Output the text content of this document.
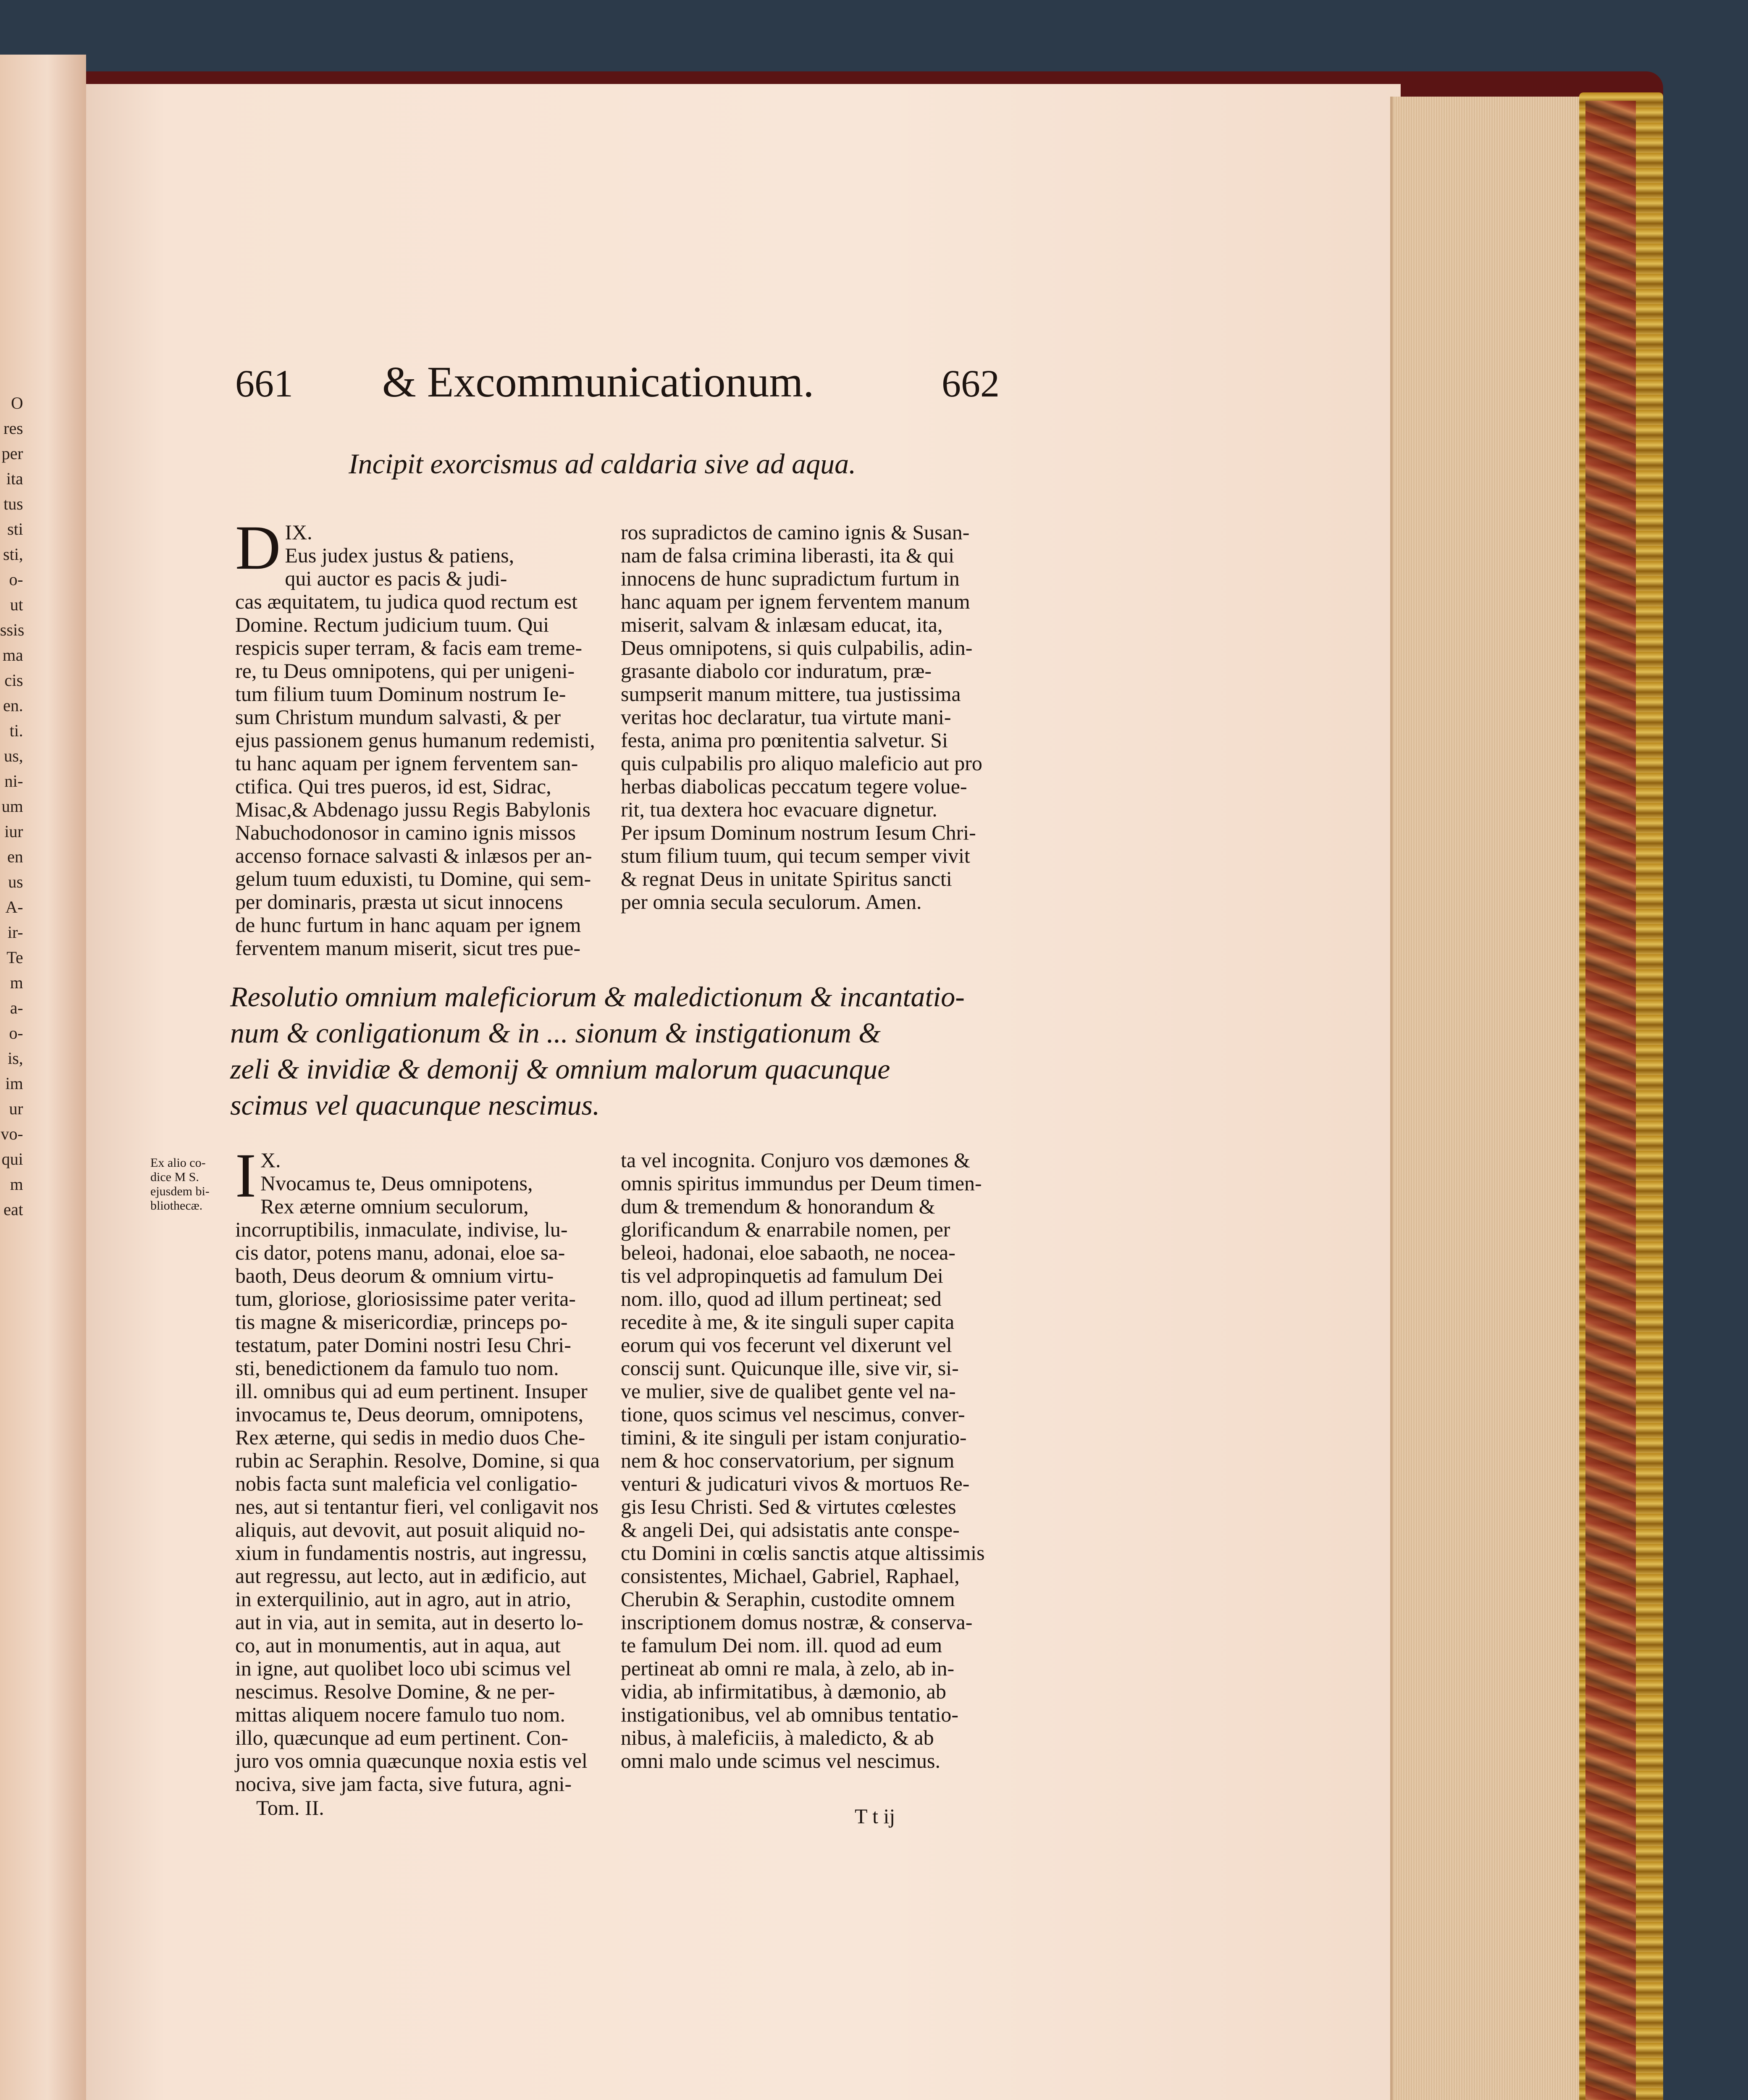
O
res
per
ita
tus
sti
sti,
o-
ut
ssis
ma
cis
en.
ti.
us,
ni-
um
iur
en
us
A-
ir-
Te
m
a-
o-
is,
im
ur
vo-
qui
m
eat
661 & Excommunicationum.	662
Incipit exorcismus ad caldaria sive ad aqua.
IX.
D Eus judex justus & patiens,
qui auctor es pacis & judi-
cas æquitatem, tu judica quod rectum est
Domine. Rectum judicium tuum. Qui
respicis super terram, & facis eam treme-
re, tu Deus omnipotens, qui per unigeni-
tum filium tuum Dominum nostrum Ie-
sum Christum mundum salvasti, & per
ejus passionem genus humanum redemisti,
tu hanc aquam per ignem ferventem san-
ctifica. Qui tres pueros, id est, Sidrac,
Misac,& Abdenago jussu Regis Babylonis
Nabuchodonosor in camino ignis missos
accenso fornace salvasti & inlæsos per an-
gelum tuum eduxisti, tu Domine, qui sem-
per dominaris, præsta ut sicut innocens
de hunc furtum in hanc aquam per ignem
ferventem manum miserit, sicut tres pue-
ros supradictos de camino ignis & Susan-
nam de falsa crimina liberasti, ita & qui
innocens de hunc supradictum furtum in
hanc aquam per ignem ferventem manum
miserit, salvam & inlæsam educat, ita,
Deus omnipotens, si quis culpabilis, adin-
grasante diabolo cor induratum, præ-
sumpserit manum mittere, tua justissima
veritas hoc declaratur, tua virtute mani-
festa, anima pro pœnitentia salvetur. Si
quis culpabilis pro aliquo maleficio aut pro
herbas diabolicas peccatum tegere volue-
rit, tua dextera hoc evacuare dignetur.
Per ipsum Dominum nostrum Iesum Chri-
stum filium tuum, qui tecum semper vivit
& regnat Deus in unitate Spiritus sancti
per omnia secula seculorum. Amen.
Resolutio omnium maleficiorum & maledictionum & incantatio-
num & conligationum & in ... sionum & instigationum &
zeli & invidiæ & demonij & omnium malorum quacunque
scimus vel quacunque nescimus.
Ex alio co-
dice M S.
ejusdem bi-
bliothecæ.
X.
I Nvocamus te, Deus omnipotens,
Rex æterne omnium seculorum,
incorruptibilis, inmaculate, indivise, lu-
cis dator, potens manu, adonai, eloe sa-
baoth, Deus deorum & omnium virtu-
tum, gloriose, gloriosissime pater verita-
tis magne & misericordiæ, princeps po-
testatum, pater Domini nostri Iesu Chri-
sti, benedictionem da famulo tuo nom.
ill. omnibus qui ad eum pertinent. Insuper
invocamus te, Deus deorum, omnipotens,
Rex æterne, qui sedis in medio duos Che-
rubin ac Seraphin. Resolve, Domine, si qua
nobis facta sunt maleficia vel conligatio-
nes, aut si tentantur fieri, vel conligavit nos
aliquis, aut devovit, aut posuit aliquid no-
xium in fundamentis nostris, aut ingressu,
aut regressu, aut lecto, aut in ædificio, aut
in exterquilinio, aut in agro, aut in atrio,
aut in via, aut in semita, aut in deserto lo-
co, aut in monumentis, aut in aqua, aut
in igne, aut quolibet loco ubi scimus vel
nescimus. Resolve Domine, & ne per-
mittas aliquem nocere famulo tuo nom.
illo, quæcunque ad eum pertinent. Con-
juro vos omnia quæcunque noxia estis vel
nociva, sive jam facta, sive futura, agni-
ta vel incognita. Conjuro vos dæmones &
omnis spiritus immundus per Deum timen-
dum & tremendum & honorandum &
glorificandum & enarrabile nomen, per
beleoi, hadonai, eloe sabaoth, ne nocea-
tis vel adpropinquetis ad famulum Dei
nom. illo, quod ad illum pertineat; sed
recedite à me, & ite singuli super capita
eorum qui vos fecerunt vel dixerunt vel
conscij sunt. Quicunque ille, sive vir, si-
ve mulier, sive de qualibet gente vel na-
tione, quos scimus vel nescimus, conver-
timini, & ite singuli per istam conjuratio-
nem & hoc conservatorium, per signum
venturi & judicaturi vivos & mortuos Re-
gis Iesu Christi. Sed & virtutes cœlestes
& angeli Dei, qui adsistatis ante conspe-
ctu Domini in cœlis sanctis atque altissimis
consistentes, Michael, Gabriel, Raphael,
Cherubin & Seraphin, custodite omnem
inscriptionem domus nostræ, & conserva-
te famulum Dei nom. ill. quod ad eum
pertineat ab omni re mala, à zelo, ab in-
vidia, ab infirmitatibus, à dæmonio, ab
instigationibus, vel ab omnibus tentatio-
nibus, à maleficiis, à maledicto, & ab
omni malo unde scimus vel nescimus.
Tom. II.	T t ij
